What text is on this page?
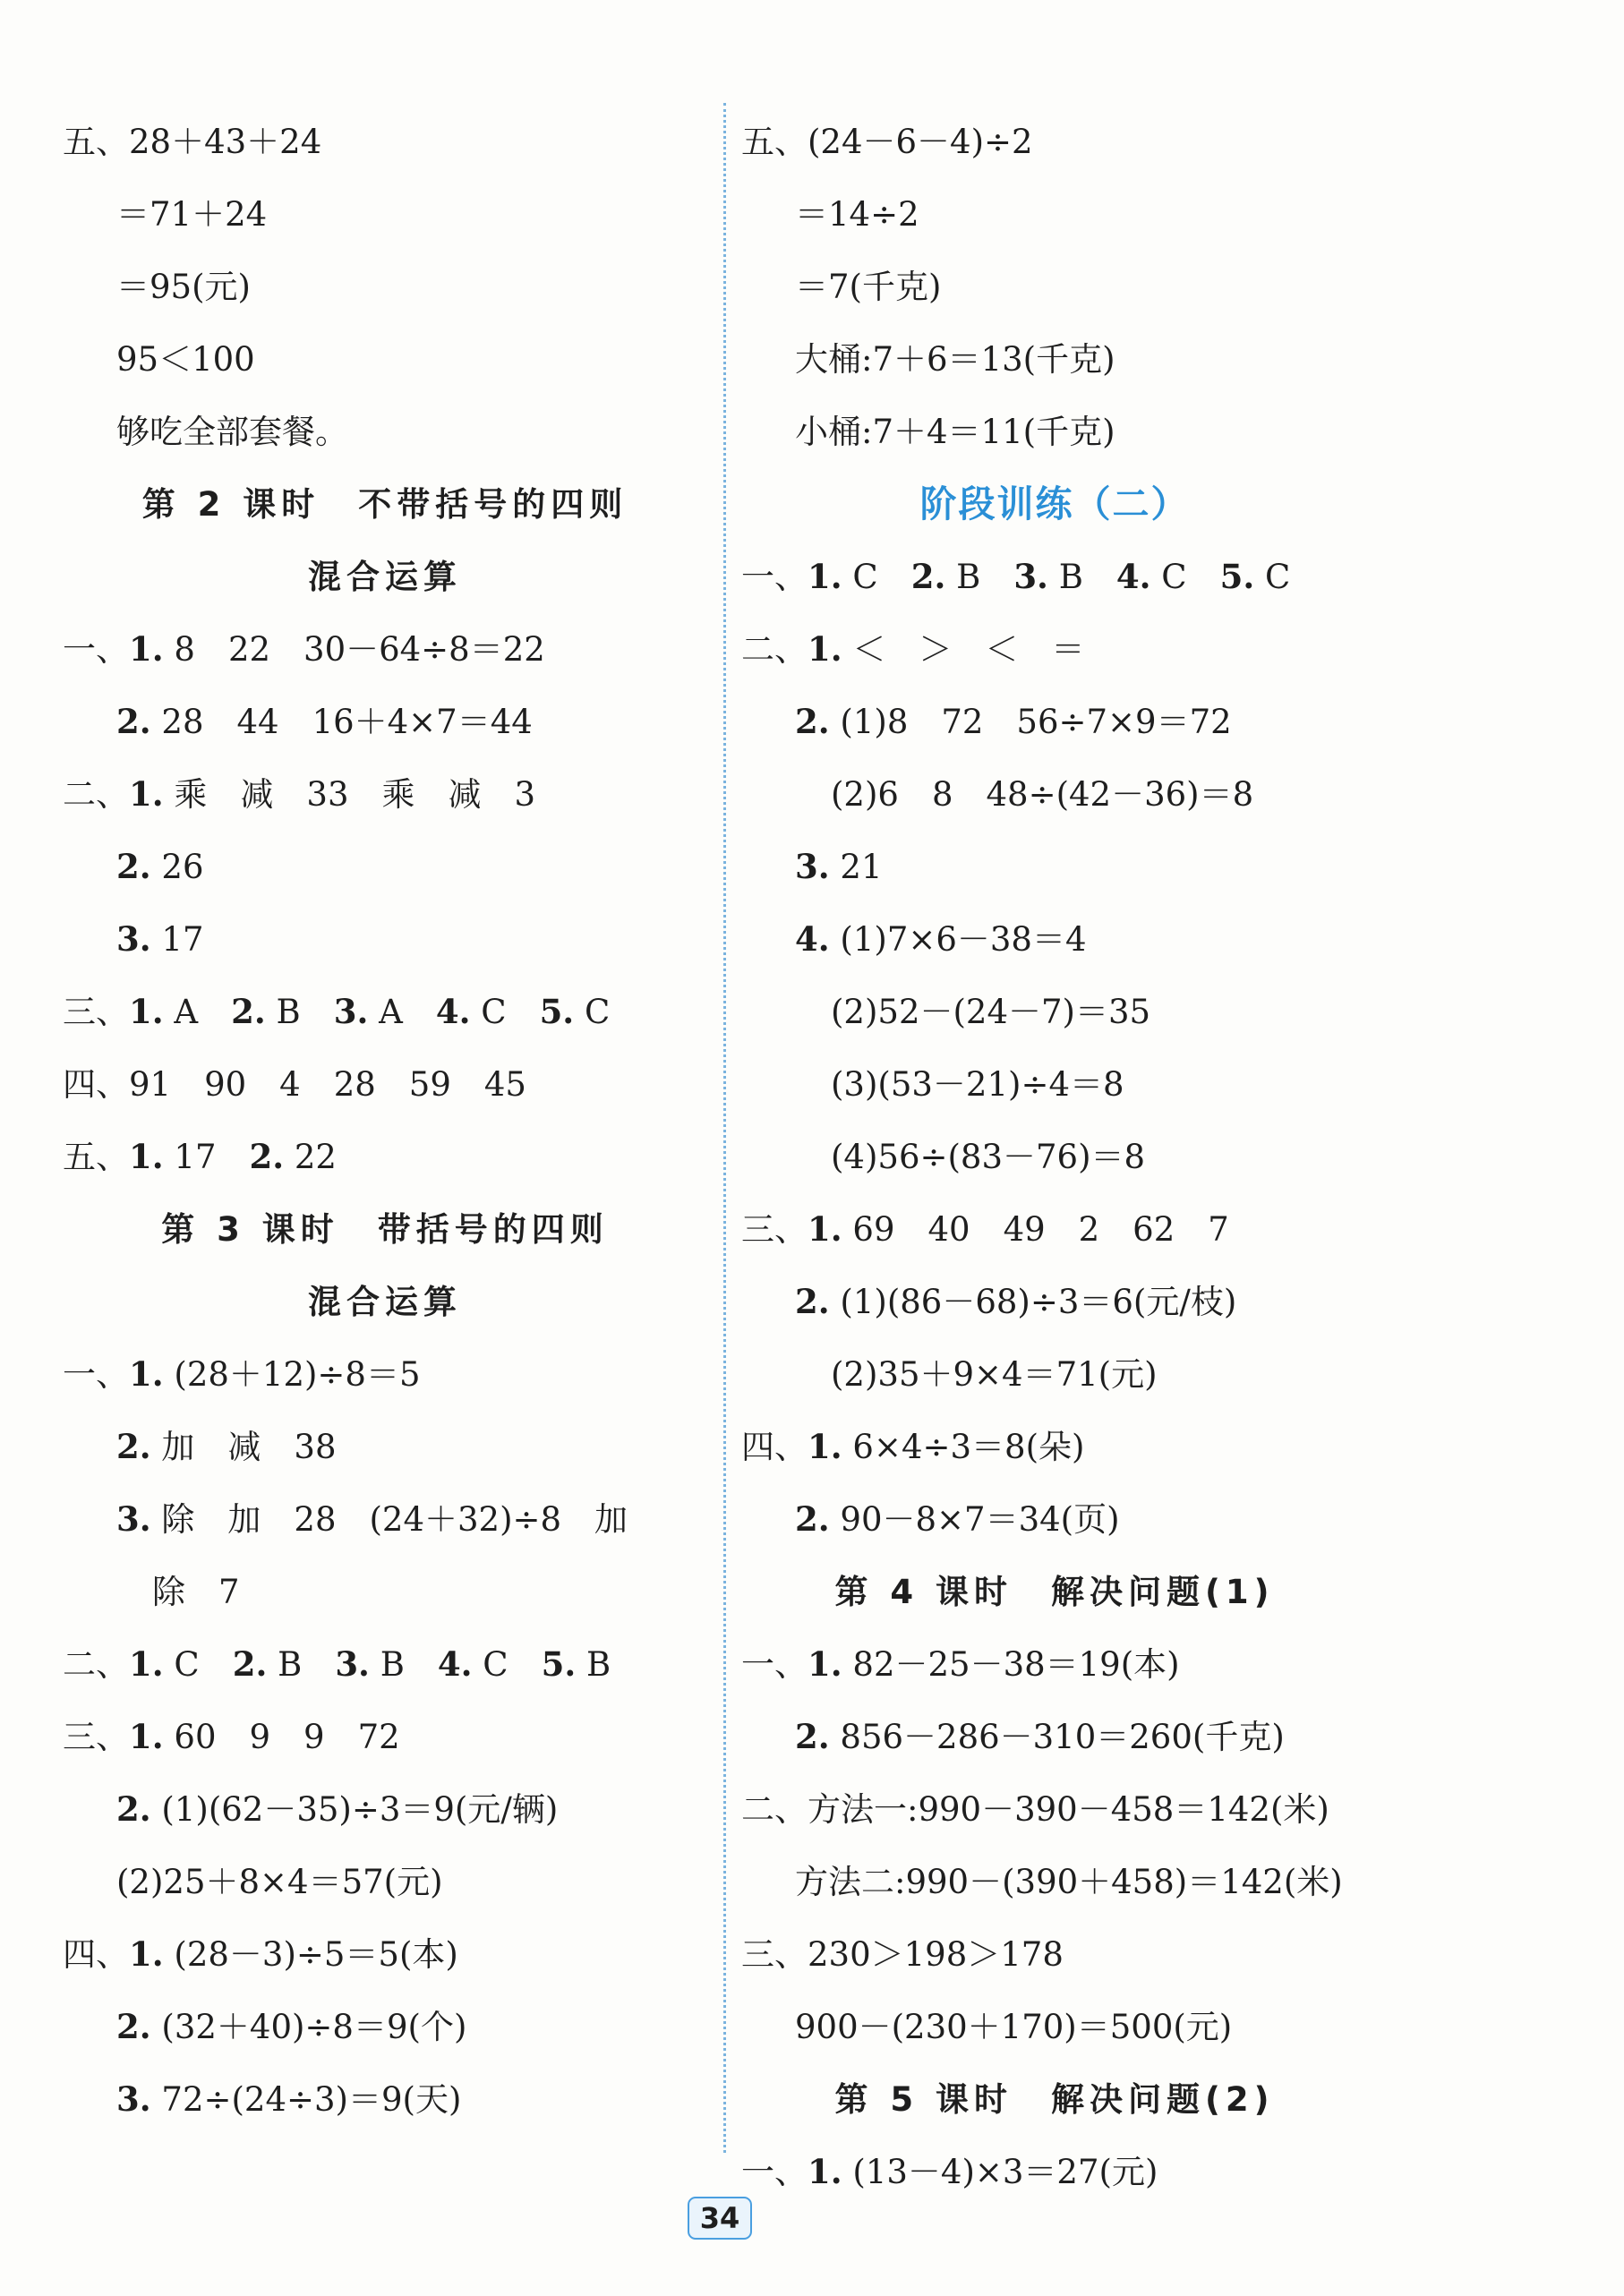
五、28＋43＋24
＝71＋24
＝95(元)
95＜100
够吃全部套餐。
第 2 课时　不带括号的四则
混合运算
一、1. 8　22　30－64÷8＝22
2. 28　44　16＋4×7＝44
二、1. 乘　减　33　乘　减　3
2. 26
3. 17
三、1. A　2. B　3. A　4. C　5. C
四、91　90　4　28　59　45
五、1. 17　2. 22
第 3 课时　带括号的四则
混合运算
一、1. (28＋12)÷8＝5
2. 加　减　38
3. 除　加　28　(24＋32)÷8　加
除　7
二、1. C　2. B　3. B　4. C　5. B
三、1. 60　9　9　72
2. (1)(62－35)÷3＝9(元/辆)
(2)25＋8×4＝57(元)
四、1. (28－3)÷5＝5(本)
2. (32＋40)÷8＝9(个)
3. 72÷(24÷3)＝9(天)
五、(24－6－4)÷2
＝14÷2
＝7(千克)
大桶:7＋6＝13(千克)
小桶:7＋4＝11(千克)
阶段训练（二）
一、1. C　2. B　3. B　4. C　5. C
二、1. ＜　＞　＜　＝
2. (1)8　72　56÷7×9＝72
(2)6　8　48÷(42－36)＝8
3. 21
4. (1)7×6－38＝4
(2)52－(24－7)＝35
(3)(53－21)÷4＝8
(4)56÷(83－76)＝8
三、1. 69　40　49　2　62　7
2. (1)(86－68)÷3＝6(元/枝)
(2)35＋9×4＝71(元)
四、1. 6×4÷3＝8(朵)
2. 90－8×7＝34(页)
第 4 课时　解决问题(1)
一、1. 82－25－38＝19(本)
2. 856－286－310＝260(千克)
二、方法一:990－390－458＝142(米)
方法二:990－(390＋458)＝142(米)
三、230＞198＞178
900－(230＋170)＝500(元)
第 5 课时　解决问题(2)
一、1. (13－4)×3＝27(元)
34
